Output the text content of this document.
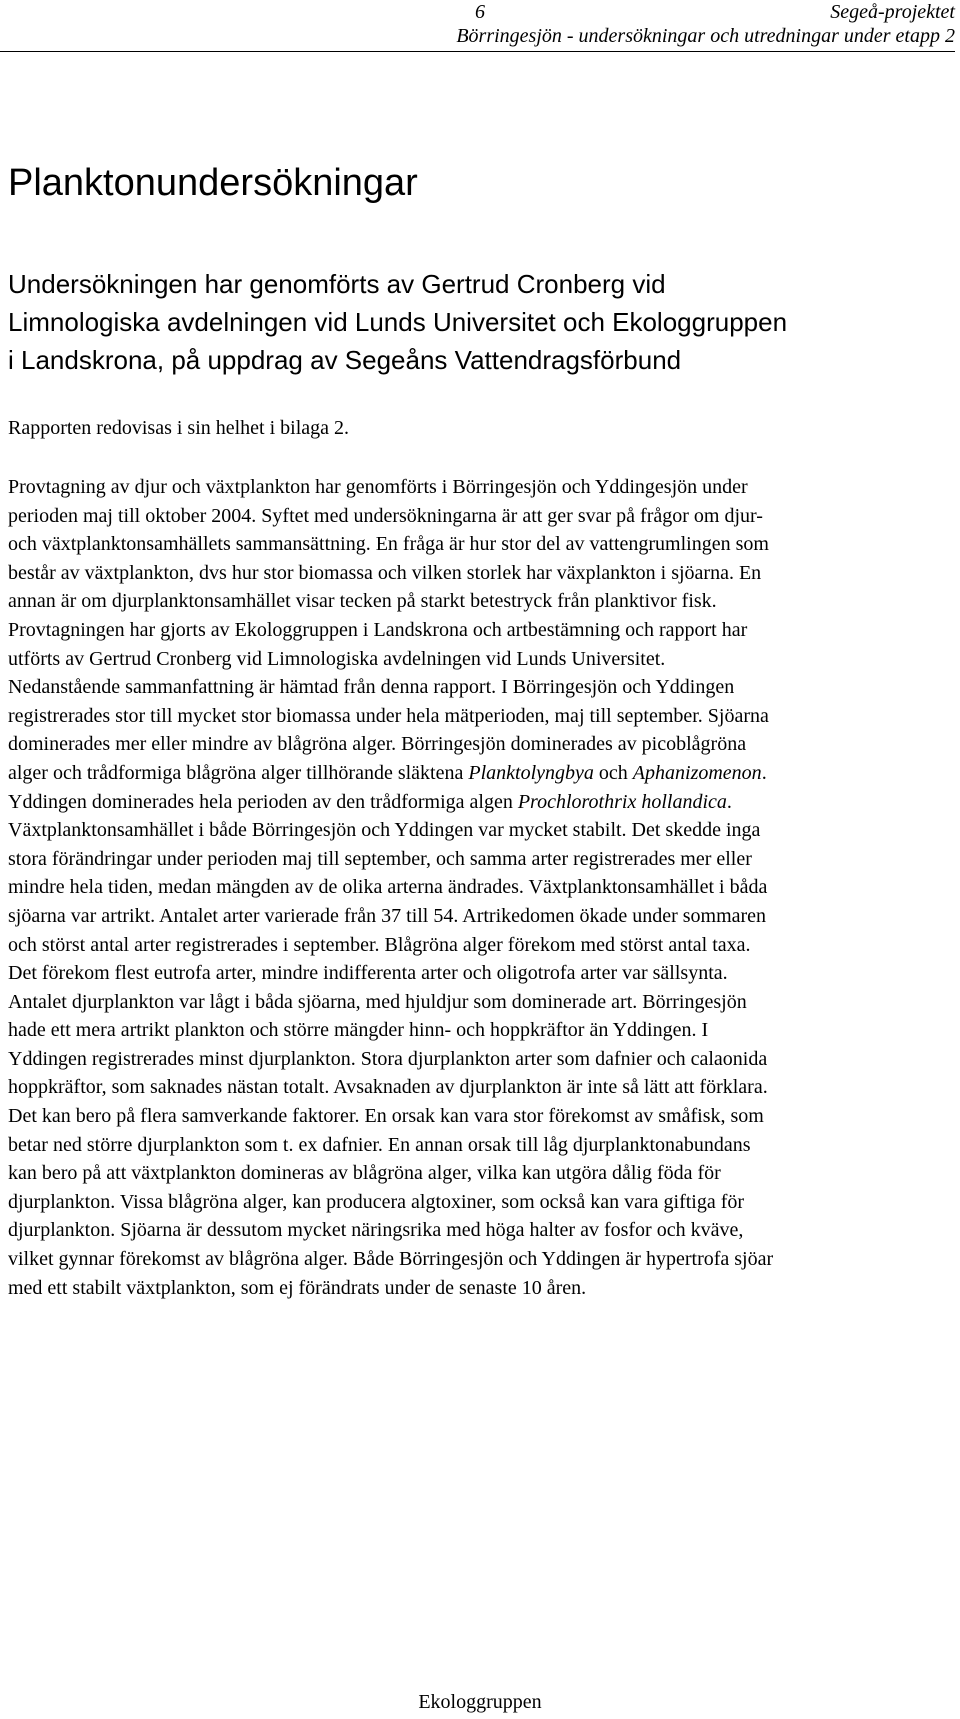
6	Segeå-projektet
Börringesjön - undersökningar och utredningar under etapp 2
Planktonundersökningar

Undersökningen har genomförts av Gertrud Cronberg vid
Limnologiska avdelningen vid Lunds Universitet och Ekologgruppen
i Landskrona, på uppdrag av Segeåns Vattendragsförbund

Rapporten redovisas i sin helhet i bilaga 2.

Provtagning av djur och växtplankton har genomförts i Börringesjön och Yddingesjön under
perioden maj till oktober 2004. Syftet med undersökningarna är att ger svar på frågor om djur-
och växtplanktonsamhällets sammansättning. En fråga är hur stor del av vattengrumlingen som
består av växtplankton, dvs hur stor biomassa och vilken storlek har växplankton i sjöarna. En
annan är om djurplanktonsamhället visar tecken på starkt betestryck från planktivor fisk.
Provtagningen har gjorts av Ekologgruppen i Landskrona och artbestämning och rapport har
utförts av Gertrud Cronberg vid Limnologiska avdelningen vid Lunds Universitet.
Nedanstående sammanfattning är hämtad från denna rapport. I Börringesjön och Yddingen
registrerades stor till mycket stor biomassa under hela mätperioden, maj till september. Sjöarna
dominerades mer eller mindre av blågröna alger. Börringesjön dominerades av picoblågröna
alger och trådformiga blågröna alger tillhörande släktena Planktolyngbya och Aphanizomenon.
Yddingen dominerades hela perioden av den trådformiga algen Prochlorothrix hollandica.
Växtplanktonsamhället i både Börringesjön och Yddingen var mycket stabilt. Det skedde inga
stora förändringar under perioden maj till september, och samma arter registrerades mer eller
mindre hela tiden, medan mängden av de olika arterna ändrades. Växtplanktonsamhället i båda
sjöarna var artrikt. Antalet arter varierade från 37 till 54. Artrikedomen ökade under sommaren
och störst antal arter registrerades i september. Blågröna alger förekom med störst antal taxa.
Det förekom flest eutrofa arter, mindre indifferenta arter och oligotrofa arter var sällsynta.
Antalet djurplankton var lågt i båda sjöarna, med hjuldjur som dominerade art. Börringesjön
hade ett mera artrikt plankton och större mängder hinn- och hoppkräftor än Yddingen. I
Yddingen registrerades minst djurplankton. Stora djurplankton arter som dafnier och calaonida
hoppkräftor, som saknades nästan totalt. Avsaknaden av djurplankton är inte så lätt att förklara.
Det kan bero på flera samverkande faktorer. En orsak kan vara stor förekomst av småfisk, som
betar ned större djurplankton som t. ex dafnier. En annan orsak till låg djurplanktonabundans
kan bero på att växtplankton domineras av blågröna alger, vilka kan utgöra dålig föda för
djurplankton. Vissa blågröna alger, kan producera algtoxiner, som också kan vara giftiga för
djurplankton. Sjöarna är dessutom mycket näringsrika med höga halter av fosfor och kväve,
vilket gynnar förekomst av blågröna alger. Både Börringesjön och Yddingen är hypertrofa sjöar
med ett stabilt växtplankton, som ej förändrats under de senaste 10 åren.

Ekologgruppen
